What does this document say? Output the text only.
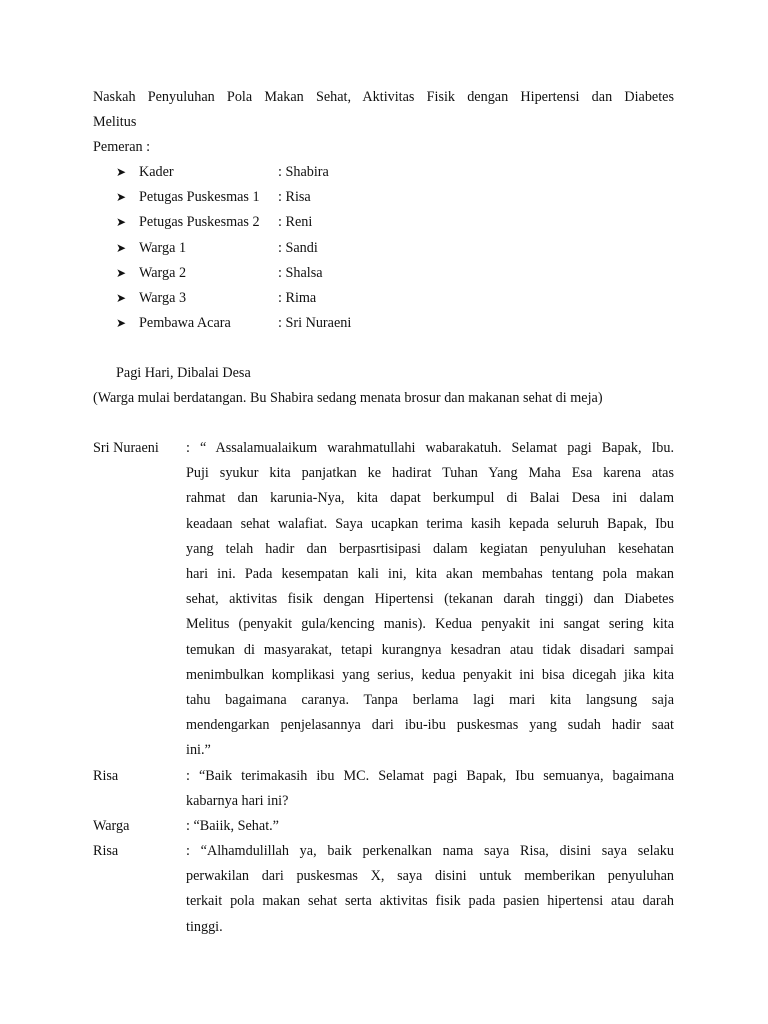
Naskah Penyuluhan Pola Makan Sehat, Aktivitas Fisik dengan Hipertensi dan Diabetes
Melitus
Pemeran :
➤ Kader	: Shabira
➤ Petugas Puskesmas 1	: Risa
➤ Petugas Puskesmas 2	: Reni
➤ Warga 1	: Sandi
➤ Warga 2	: Shalsa
➤ Warga 3	: Rima
➤ Pembawa Acara	: Sri Nuraeni
Pagi Hari, Dibalai Desa
(Warga mulai berdatangan. Bu Shabira sedang menata brosur dan makanan sehat di meja)
Sri Nuraeni : “ Assalamualaikum warahmatullahi wabarakatuh. Selamat pagi Bapak, Ibu.
Puji syukur kita panjatkan ke hadirat Tuhan Yang Maha Esa karena atas
rahmat dan karunia-Nya, kita dapat berkumpul di Balai Desa ini dalam
keadaan sehat walafiat. Saya ucapkan terima kasih kepada seluruh Bapak, Ibu
yang telah hadir dan berpasrtisipasi dalam kegiatan penyuluhan kesehatan
hari ini. Pada kesempatan kali ini, kita akan membahas tentang pola makan
sehat, aktivitas fisik dengan Hipertensi (tekanan darah tinggi) dan Diabetes
Melitus (penyakit gula/kencing manis). Kedua penyakit ini sangat sering kita
temukan di masyarakat, tetapi kurangnya kesadran atau tidak disadari sampai
menimbulkan komplikasi yang serius, kedua penyakit ini bisa dicegah jika kita
tahu bagaimana caranya. Tanpa berlama lagi mari kita langsung saja
mendengarkan penjelasannya dari ibu-ibu puskesmas yang sudah hadir saat
ini.”
Risa	: “Baik terimakasih ibu MC. Selamat pagi Bapak, Ibu semuanya, bagaimana
kabarnya hari ini?
Warga	: “Baiik, Sehat.”
Risa	: “Alhamdulillah ya, baik perkenalkan nama saya Risa, disini saya selaku
perwakilan dari puskesmas X, saya disini untuk memberikan penyuluhan
terkait pola makan sehat serta aktivitas fisik pada pasien hipertensi atau darah
tinggi.
